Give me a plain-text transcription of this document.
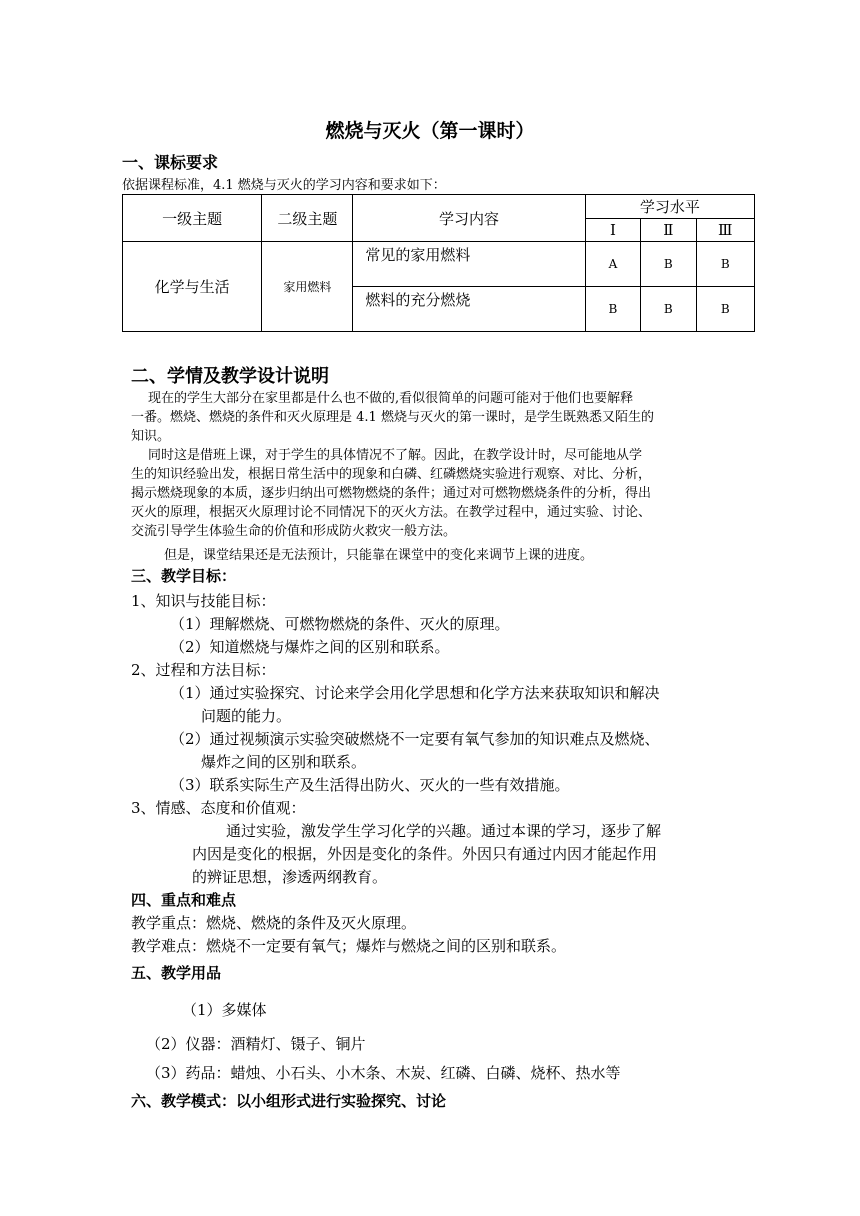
燃烧与灭火（第一课时）
一、课标要求
依据课程标准，4.1 燃烧与灭火的学习内容和要求如下：
一级主题	二级主题	学习内容	学习水平		
			Ⅰ	Ⅱ	Ⅲ
化学与生活	家用燃料	常见的家用燃料	A	B	B
		燃料的充分燃烧	B	B	B
二、学情及教学设计说明
现在的学生大部分在家里都是什么也不做的,看似很简单的问题可能对于他们也要解释
一番。燃烧、燃烧的条件和灭火原理是 4.1 燃烧与灭火的第一课时，是学生既熟悉又陌生的
知识。
同时这是借班上课，对于学生的具体情况不了解。因此，在教学设计时，尽可能地从学
生的知识经验出发，根据日常生活中的现象和白磷、红磷燃烧实验进行观察、对比、分析，
揭示燃烧现象的本质，逐步归纳出可燃物燃烧的条件；通过对可燃物燃烧条件的分析，得出
灭火的原理，根据灭火原理讨论不同情况下的灭火方法。在教学过程中，通过实验、讨论、
交流引导学生体验生命的价值和形成防火救灾一般方法。
但是，课堂结果还是无法预计，只能靠在课堂中的变化来调节上课的进度。
三、教学目标：
1、知识与技能目标：
（1）理解燃烧、可燃物燃烧的条件、灭火的原理。
（2）知道燃烧与爆炸之间的区别和联系。
2、过程和方法目标：
（1）通过实验探究、讨论来学会用化学思想和化学方法来获取知识和解决
问题的能力。
（2）通过视频演示实验突破燃烧不一定要有氧气参加的知识难点及燃烧、
爆炸之间的区别和联系。
（3）联系实际生产及生活得出防火、灭火的一些有效措施。
3、情感、态度和价值观：
通过实验，激发学生学习化学的兴趣。通过本课的学习，逐步了解
内因是变化的根据，外因是变化的条件。外因只有通过内因才能起作用
的辨证思想，渗透两纲教育。
四、重点和难点
教学重点：燃烧、燃烧的条件及灭火原理。
教学难点：燃烧不一定要有氧气；爆炸与燃烧之间的区别和联系。
五、教学用品
（1）多媒体
（2）仪器：酒精灯、镊子、铜片
（3）药品：蜡烛、小石头、小木条、木炭、红磷、白磷、烧杯、热水等
六、教学模式：以小组形式进行实验探究、讨论
